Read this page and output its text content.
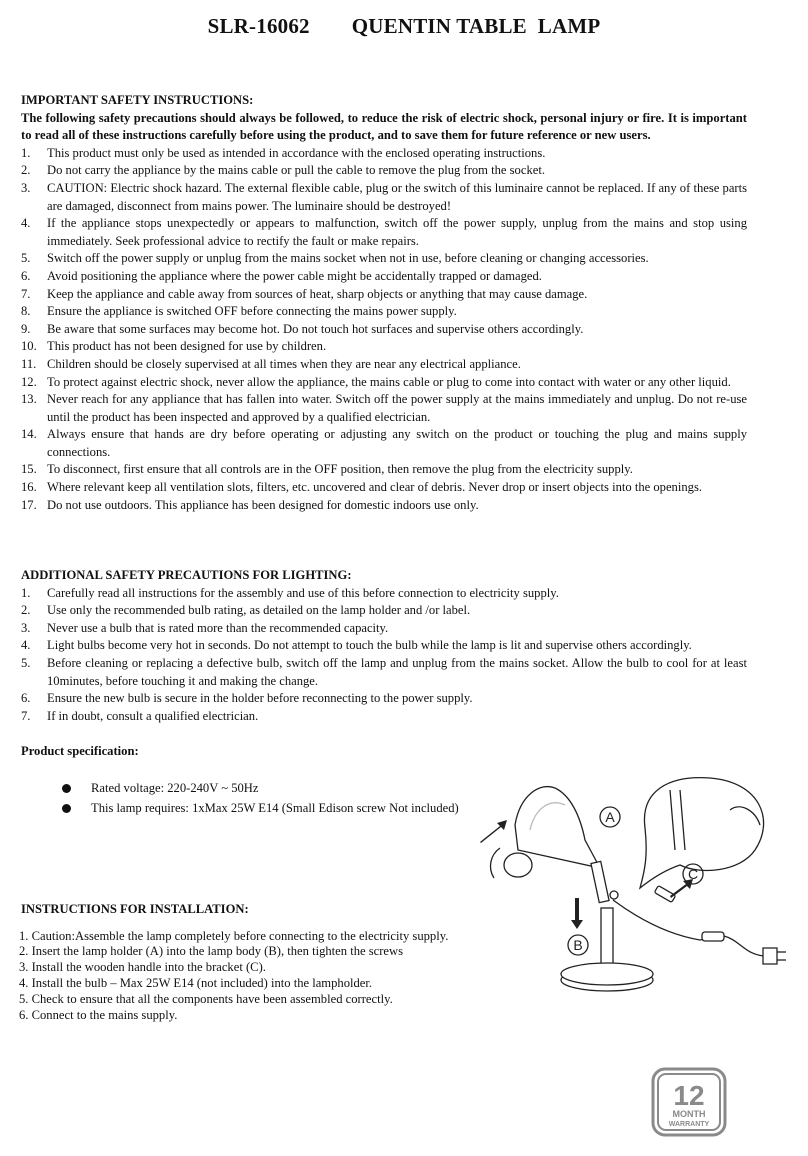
SLR-16062 QUENTIN TABLE  LAMP

IMPORTANT SAFETY INSTRUCTIONS:

The following safety precautions should always be followed, to reduce the risk of electric shock, personal injury or fire. It is important to read all of these instructions carefully before using the product, and to save them for future reference or new users.

1.	This product must only be used as intended in accordance with the enclosed operating instructions.
2.	Do not carry the appliance by the mains cable or pull the cable to remove the plug from the socket.
3.	CAUTION: Electric shock hazard. The external flexible cable, plug or the switch of this luminaire cannot be replaced. If any of these parts are damaged, disconnect from mains power. The luminaire should be destroyed!
4.	If the appliance stops unexpectedly or appears to malfunction, switch off the power supply, unplug from the mains and stop using immediately. Seek professional advice to rectify the fault or make repairs.
5.	Switch off the power supply or unplug from the mains socket when not in use, before cleaning or changing accessories.
6.	Avoid positioning the appliance where the power cable might be accidentally trapped or damaged.
7.	Keep the appliance and cable away from sources of heat, sharp objects or anything that may cause damage.
8.	Ensure the appliance is switched OFF before connecting the mains power supply.
9.	Be aware that some surfaces may become hot. Do not touch hot surfaces and supervise others accordingly.
10. This product has not been designed for use by children.
11. Children should be closely supervised at all times when they are near any electrical appliance.
12. To protect against electric shock, never allow the appliance, the mains cable or plug to come into contact with water or any other liquid.
13. Never reach for any appliance that has fallen into water. Switch off the power supply at the mains immediately and unplug. Do not re-use until the product has been inspected and approved by a qualified electrician.
14. Always ensure that hands are dry before operating or adjusting any switch on the product or touching the plug and mains supply connections.
15. To disconnect, first ensure that all controls are in the OFF position, then remove the plug from the electricity supply.
16. Where relevant keep all ventilation slots, filters, etc. uncovered and clear of debris. Never drop or insert objects into the openings.
17. Do not use outdoors. This appliance has been designed for domestic indoors use only.

ADDITIONAL SAFETY PRECAUTIONS FOR LIGHTING:

1.	Carefully read all instructions for the assembly and use of this before connection to electricity supply.
2.	Use only the recommended bulb rating, as detailed on the lamp holder and /or label.
3.	Never use a bulb that is rated more than the recommended capacity.
4.	Light bulbs become very hot in seconds. Do not attempt to touch the bulb while the lamp is lit and supervise others accordingly.
5.	Before cleaning or replacing a defective bulb, switch off the lamp and unplug from the mains socket. Allow the bulb to cool for at least 10minutes, before touching it and making the change.
6.	Ensure the new bulb is secure in the holder before reconnecting to the power supply.
7.	If in doubt, consult a qualified electrician.

Product specification:

Rated voltage: 220-240V ~ 50Hz
This lamp requires: 1xMax 25W E14 (Small Edison screw Not included)

INSTRUCTIONS FOR INSTALLATION:

1. Caution:Assemble the lamp completely before connecting to the electricity supply.
2. Insert the lamp holder (A) into the lamp body (B), then tighten the screws
3. Install the wooden handle into the bracket (C).
4. Install the bulb – Max 25W E14 (not included) into the lampholder.
5. Check to ensure that all the components have been assembled correctly.
6. Connect to the mains supply.
A
C
B
12
MONTH
WARRANTY
